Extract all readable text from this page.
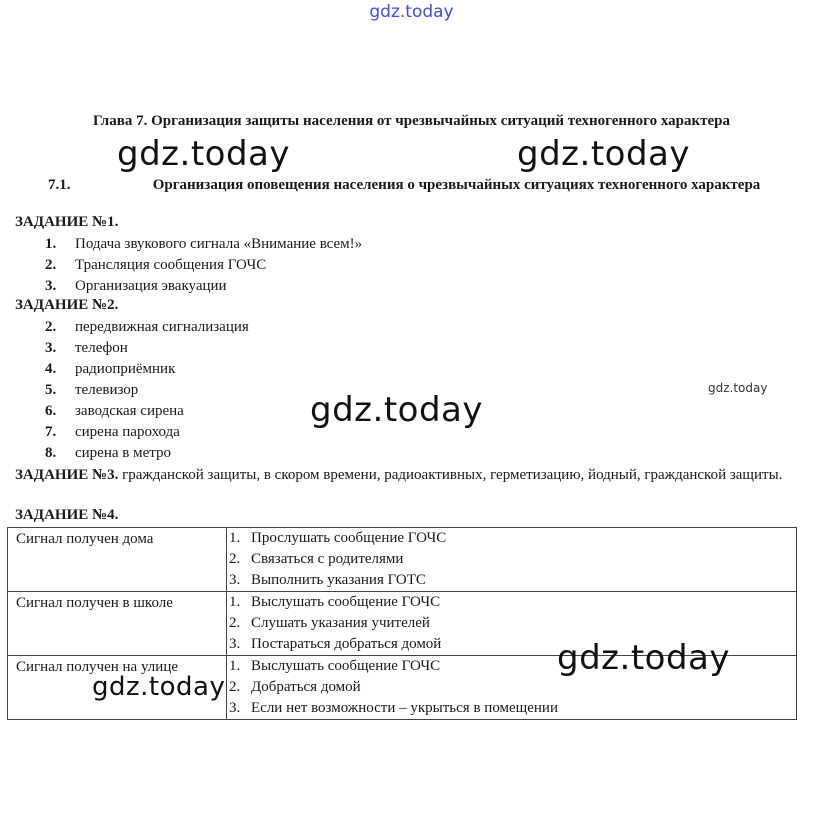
gdz.today
Глава 7. Организация защиты населения от чрезвычайных ситуаций техногенного характера
7.1.	Организация оповещения населения о чрезвычайных ситуациях техногенного характера
ЗАДАНИЕ №1.
1. Подача звукового сигнала «Внимание всем!»
2. Трансляция сообщения ГОЧС
3. Организация эвакуации
ЗАДАНИЕ №2.
2. передвижная сигнализация
3. телефон
4. радиоприёмник
5. телевизор
6. заводская сирена
7. сирена парохода
8. сирена в метро
ЗАДАНИЕ №3. гражданской защиты, в скором времени, радиоактивных, герметизацию, йодный, гражданской защиты.
ЗАДАНИЕ №4.
Сигнал получен дома	1. Прослушать сообщение ГОЧС
2. Связаться с родителями
3. Выполнить указания ГОТС

Сигнал получен в школе	1. Выслушать сообщение ГОЧС
2. Слушать указания учителей
3. Постараться добраться домой

Сигнал получен на улице	1. Выслушать сообщение ГОЧС
2. Добраться домой
3. Если нет возможности – укрыться в помещении
gdz.today	gdz.today
gdz.today
gdz.today
gdz.today
gdz.today
